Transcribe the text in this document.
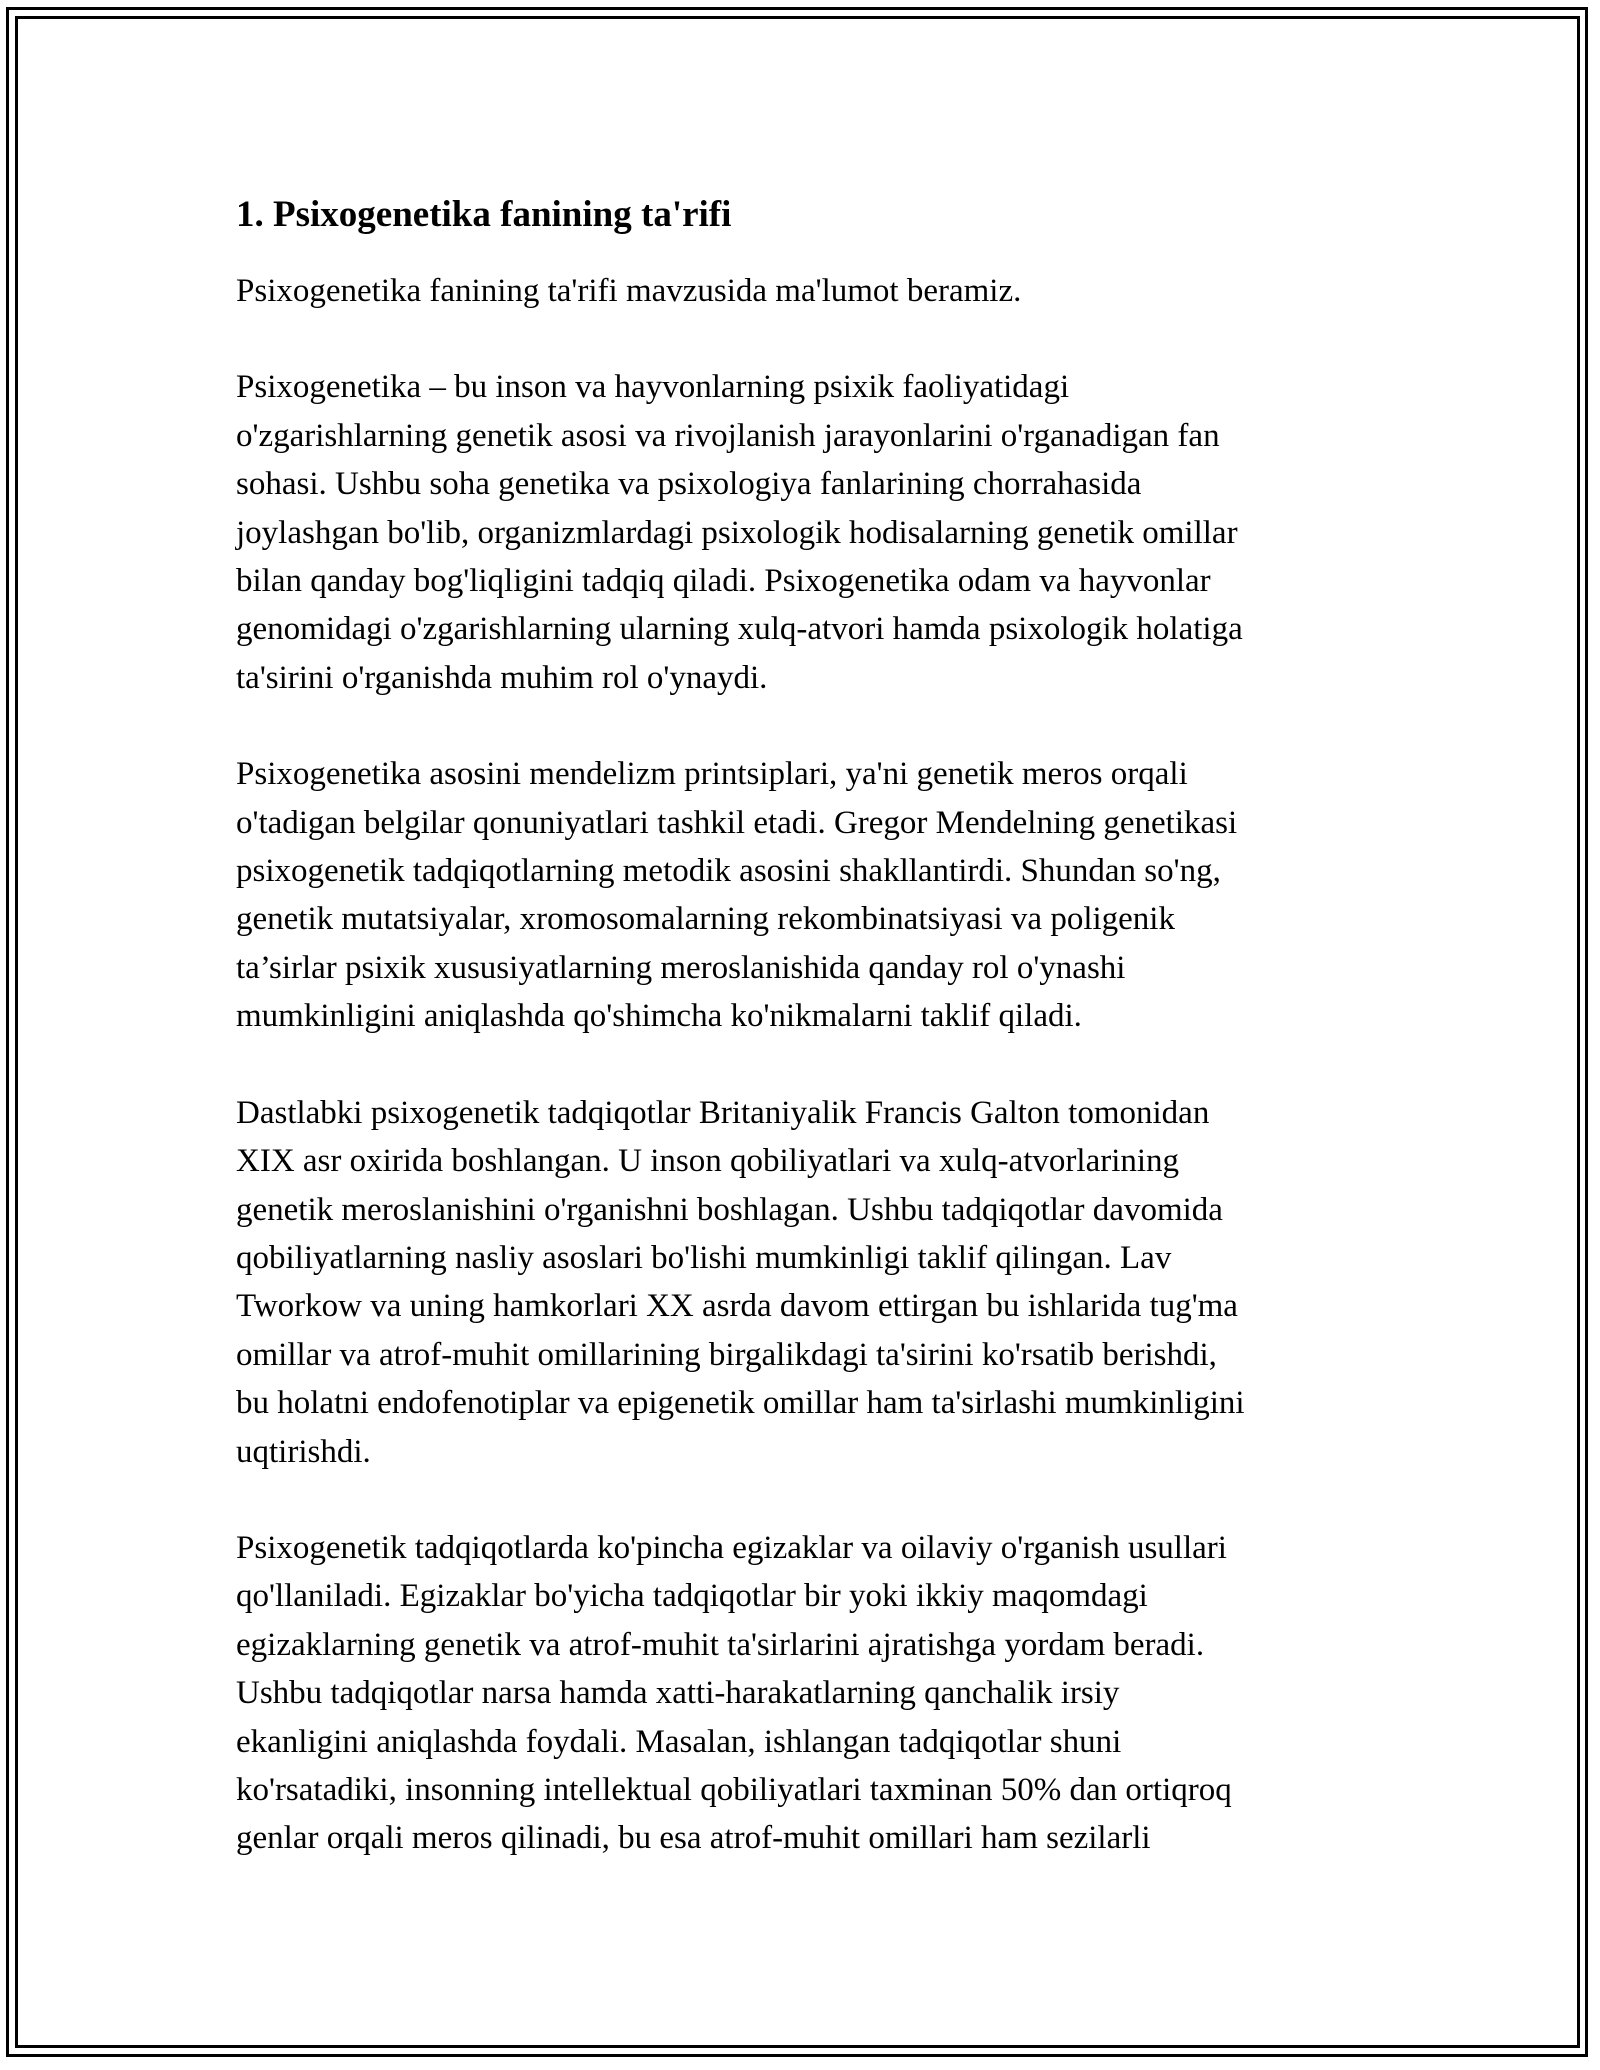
1. Psixogenetika fanining ta'rifi

Psixogenetika fanining ta'rifi mavzusida ma'lumot beramiz.

Psixogenetika – bu inson va hayvonlarning psixik faoliyatidagi
o'zgarishlarning genetik asosi va rivojlanish jarayonlarini o'rganadigan fan
sohasi. Ushbu soha genetika va psixologiya fanlarining chorrahasida
joylashgan bo'lib, organizmlardagi psixologik hodisalarning genetik omillar
bilan qanday bog'liqligini tadqiq qiladi. Psixogenetika odam va hayvonlar
genomidagi o'zgarishlarning ularning xulq-atvori hamda psixologik holatiga
ta'sirini o'rganishda muhim rol o'ynaydi.

Psixogenetika asosini mendelizm printsiplari, ya'ni genetik meros orqali
o'tadigan belgilar qonuniyatlari tashkil etadi. Gregor Mendelning genetikasi
psixogenetik tadqiqotlarning metodik asosini shakllantirdi. Shundan so'ng,
genetik mutatsiyalar, xromosomalarning rekombinatsiyasi va poligenik
ta’sirlar psixik xususiyatlarning meroslanishida qanday rol o'ynashi
mumkinligini aniqlashda qo'shimcha ko'nikmalarni taklif qiladi.

Dastlabki psixogenetik tadqiqotlar Britaniyalik Francis Galton tomonidan
XIX asr oxirida boshlangan. U inson qobiliyatlari va xulq-atvorlarining
genetik meroslanishini o'rganishni boshlagan. Ushbu tadqiqotlar davomida
qobiliyatlarning nasliy asoslari bo'lishi mumkinligi taklif qilingan. Lav
Tworkow va uning hamkorlari XX asrda davom ettirgan bu ishlarida tug'ma
omillar va atrof-muhit omillarining birgalikdagi ta'sirini ko'rsatib berishdi,
bu holatni endofenotiplar va epigenetik omillar ham ta'sirlashi mumkinligini
uqtirishdi.

Psixogenetik tadqiqotlarda ko'pincha egizaklar va oilaviy o'rganish usullari
qo'llaniladi. Egizaklar bo'yicha tadqiqotlar bir yoki ikkiy maqomdagi
egizaklarning genetik va atrof-muhit ta'sirlarini ajratishga yordam beradi.
Ushbu tadqiqotlar narsa hamda xatti-harakatlarning qanchalik irsiy
ekanligini aniqlashda foydali. Masalan, ishlangan tadqiqotlar shuni
ko'rsatadiki, insonning intellektual qobiliyatlari taxminan 50% dan ortiqroq
genlar orqali meros qilinadi, bu esa atrof-muhit omillari ham sezilarli
